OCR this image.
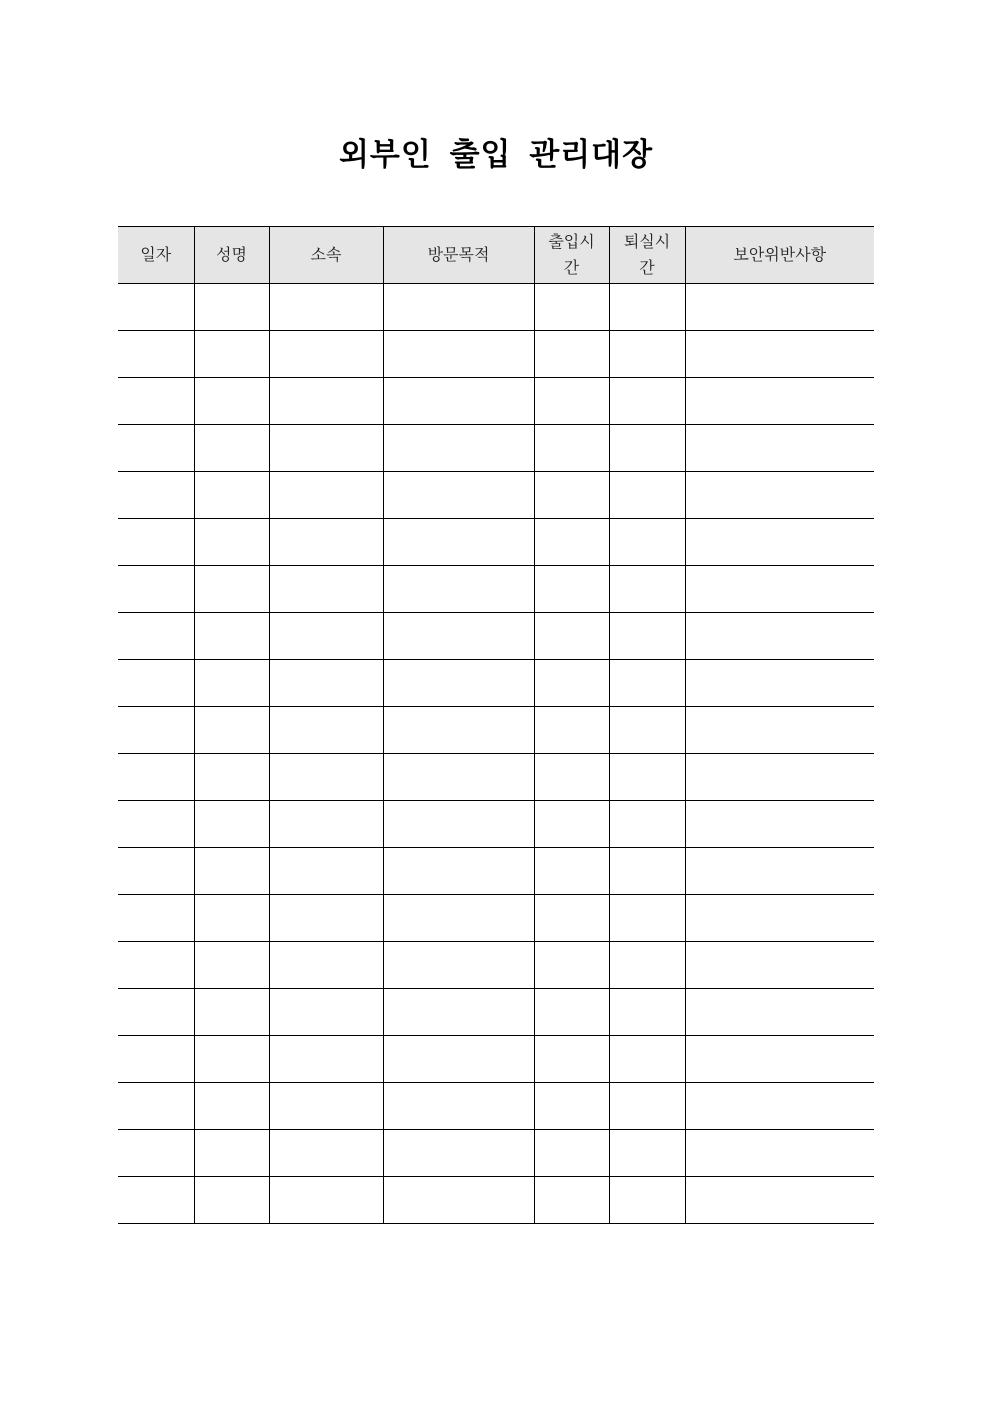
외부인 출입 관리대장
일자	성명	소속	방문목적	출입시간	퇴실시간	보안위반사항
